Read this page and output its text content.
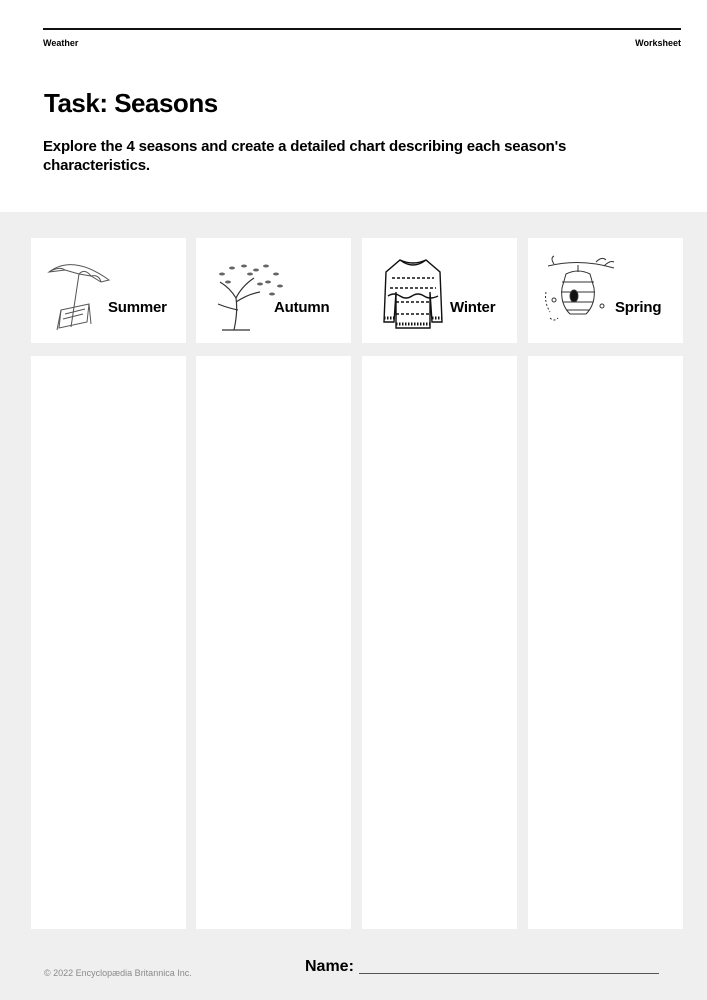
Weather	Worksheet
Task: Seasons

Explore the 4 seasons and create a detailed chart describing each season's characteristics.

Summer	Autumn	Winter	Spring
© 2022 Encyclopædia Britannica Inc.	Name:
